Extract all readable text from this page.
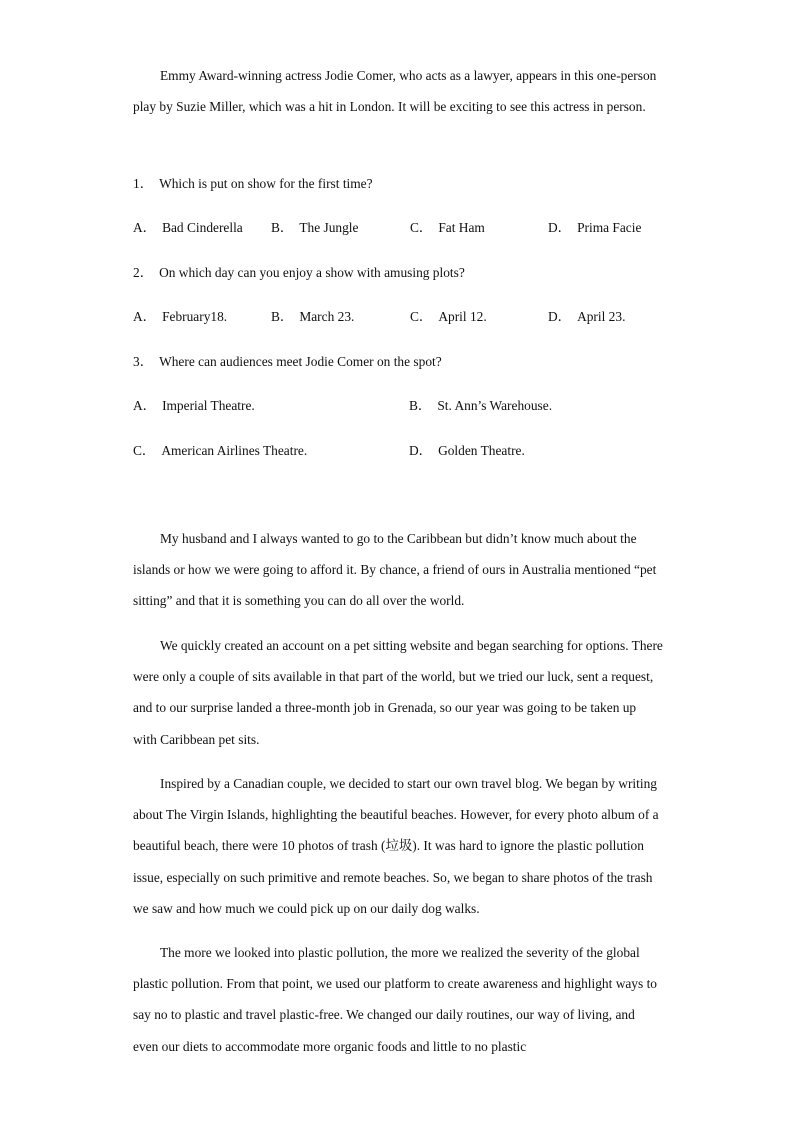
Emmy Award-winning actress Jodie Comer, who acts as a lawyer, appears in this one-person play by Suzie Miller, which was a hit in London. It will be exciting to see this actress in person.

1． Which is put on show for the first time?
A． Bad Cinderella B． The Jungle	C． Fat Ham	D． Prima Facie
2． On which day can you enjoy a show with amusing plots?
A． February18.	B． March 23.	C． April 12.	D． April 23.
3． Where can audiences meet Jodie Comer on the spot?
A． Imperial Theatre.	B． St. Ann’s Warehouse.
C． American Airlines Theatre.	D． Golden Theatre.

My husband and I always wanted to go to the Caribbean but didn’t know much about the islands or how we were going to afford it. By chance, a friend of ours in Australia mentioned “pet sitting” and that it is something you can do all over the world.

We quickly created an account on a pet sitting website and began searching for options. There were only a couple of sits available in that part of the world, but we tried our luck, sent a request, and to our surprise landed a three-month job in Grenada, so our year was going to be taken up with Caribbean pet sits.

Inspired by a Canadian couple, we decided to start our own travel blog. We began by writing about The Virgin Islands, highlighting the beautiful beaches. However, for every photo album of a beautiful beach, there were 10 photos of trash (垃圾). It was hard to ignore the plastic pollution issue, especially on such primitive and remote beaches. So, we began to share photos of the trash we saw and how much we could pick up on our daily dog walks.

The more we looked into plastic pollution, the more we realized the severity of the global plastic pollution. From that point, we used our platform to create awareness and highlight ways to say no to plastic and travel plastic-free. We changed our daily routines, our way of living, and even our diets to accommodate more organic foods and little to no plastic
